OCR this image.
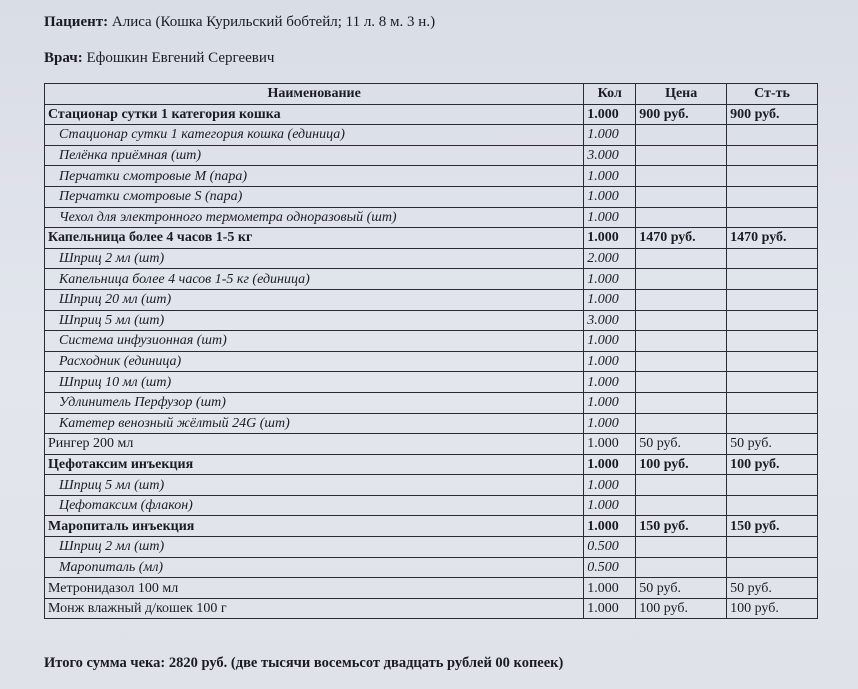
Пациент: Алиса (Кошка Курильский бобтейл; 11 л. 8 м. 3 н.)
Врач: Ефошкин Евгений Сергеевич
Наименование	Кол	Цена	Ст-ть
Стационар сутки 1 категория кошка	1.000	900 руб.	900 руб.
Стационар сутки 1 категория кошка (единица)	1.000		
Пелёнка приёмная (шт)	3.000		
Перчатки смотровые М (пара)	1.000		
Перчатки смотровые S (пара)	1.000		
Чехол для электронного термометра одноразовый (шт)	1.000		
Капельница более 4 часов 1-5 кг	1.000	1470 руб.	1470 руб.
Шприц 2 мл (шт)	2.000		
Капельница более 4 часов 1-5 кг (единица)	1.000		
Шприц 20 мл (шт)	1.000		
Шприц 5 мл (шт)	3.000		
Система инфузионная (шт)	1.000		
Расходник (единица)	1.000		
Шприц 10 мл (шт)	1.000		
Удлинитель Перфузор (шт)	1.000		
Катетер венозный жёлтый 24G (шт)	1.000		
Рингер 200 мл	1.000	50 руб.	50 руб.
Цефотаксим инъекция	1.000	100 руб.	100 руб.
Шприц 5 мл (шт)	1.000		
Цефотаксим (флакон)	1.000		
Маропиталь инъекция	1.000	150 руб.	150 руб.
Шприц 2 мл (шт)	0.500		
Маропиталь (мл)	0.500		
Метронидазол 100 мл	1.000	50 руб.	50 руб.
Монж влажный д/кошек 100 г	1.000	100 руб.	100 руб.
Итого сумма чека: 2820 руб. (две тысячи восемьсот двадцать рублей 00 копеек)
